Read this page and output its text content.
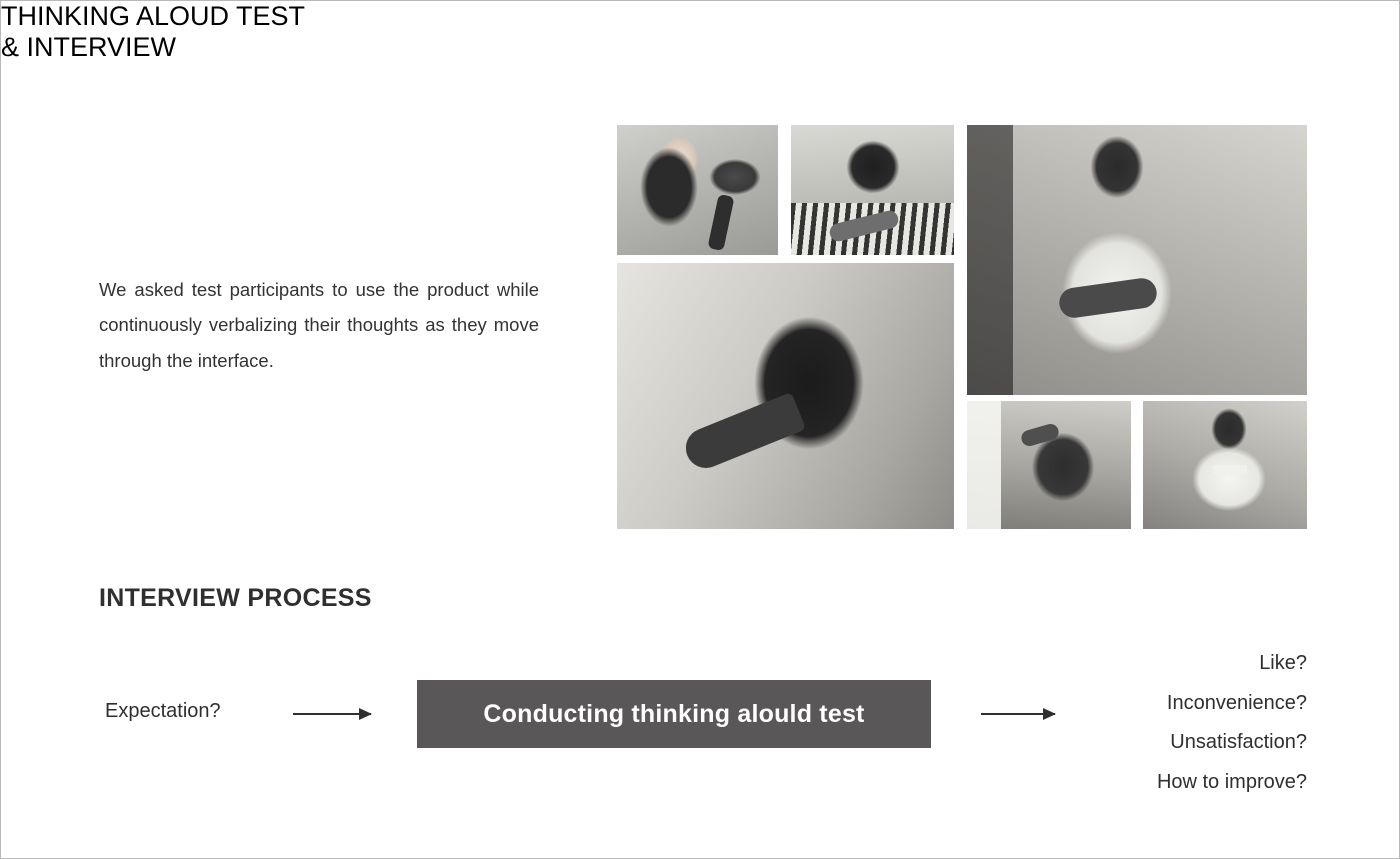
THINKING ALOUD TEST
& INTERVIEW

We asked test participants to use the product while continuously verbalizing their thoughts as they move through the interface.

INTERVIEW PROCESS
Expectation?	Conducting thinking alould test
Like?
Inconvenience?
Unsatisfaction?
How to improve?
